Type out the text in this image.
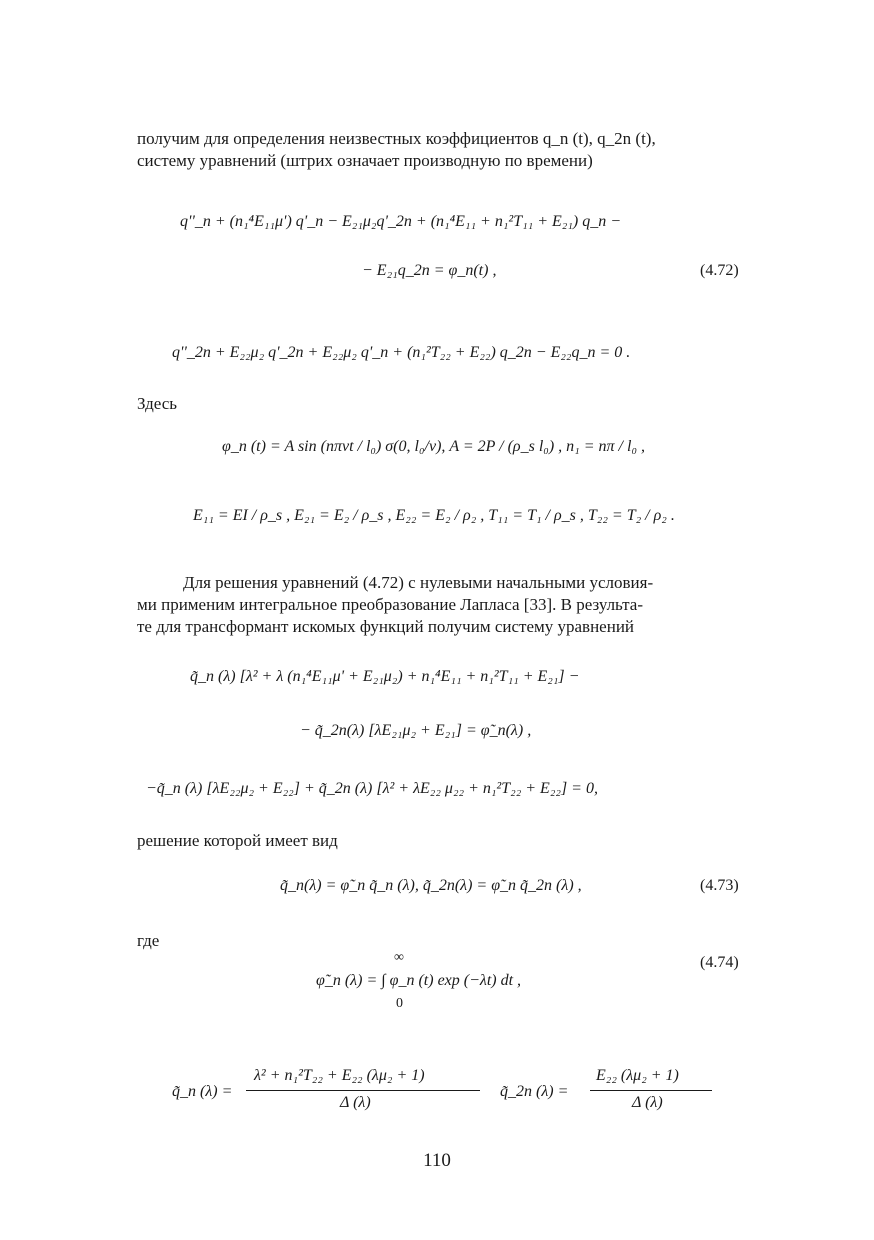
получим для определения неизвестных коэффициентов q_n (t), q_2n (t),
систему уравнений (штрих означает производную по времени)
q''_n + (n₁⁴E₁₁μ') q'_n − E₂₁μ₂q'_2n + (n₁⁴E₁₁ + n₁²T₁₁ + E₂₁) q_n −
− E₂₁q_2n = φ_n(t) ,	(4.72)
q''_2n + E₂₂μ₂ q'_2n + E₂₂μ₂ q'_n + (n₁²T₂₂ + E₂₂) q_2n − E₂₂q_n = 0 .
Здесь
φ_n (t) = A sin (nπvt / l₀) σ(0, l₀/v), A = 2P / (ρ_s l₀) , n₁ = nπ / l₀ ,
E₁₁ = EI / ρ_s , E₂₁ = E₂ / ρ_s , E₂₂ = E₂ / ρ₂ , T₁₁ = T₁ / ρ_s , T₂₂ = T₂ / ρ₂ .
Для решения уравнений (4.72) с нулевыми начальными условия-
ми применим интегральное преобразование Лапласа [33]. В результа-
те для трансформант искомых функций получим систему уравнений
q̃_n (λ) [λ² + λ (n₁⁴E₁₁μ' + E₂₁μ₂) + n₁⁴E₁₁ + n₁²T₁₁ + E₂₁] −
− q̃_2n(λ) [λE₂₁μ₂ + E₂₁] = φ̃_n(λ) ,
−q̃_n (λ) [λE₂₂μ₂ + E₂₂] + q̃_2n (λ) [λ² + λE₂₂ μ₂₂ + n₁²T₂₂ + E₂₂] = 0,
решение которой имеет вид
q̃_n(λ) = φ̃_n q̃_n (λ), q̃_2n(λ) = φ̃_n q̃_2n (λ) ,	(4.73)
где
∞
φ̃_n (λ) = ∫ φ_n (t) exp (−λt) dt ,
0
(4.74)
q̃_n (λ) =
λ² + n₁²T₂₂ + E₂₂ (λμ₂ + 1)
Δ (λ)
q̃_2n (λ) =
E₂₂ (λμ₂ + 1)
Δ (λ)
110
